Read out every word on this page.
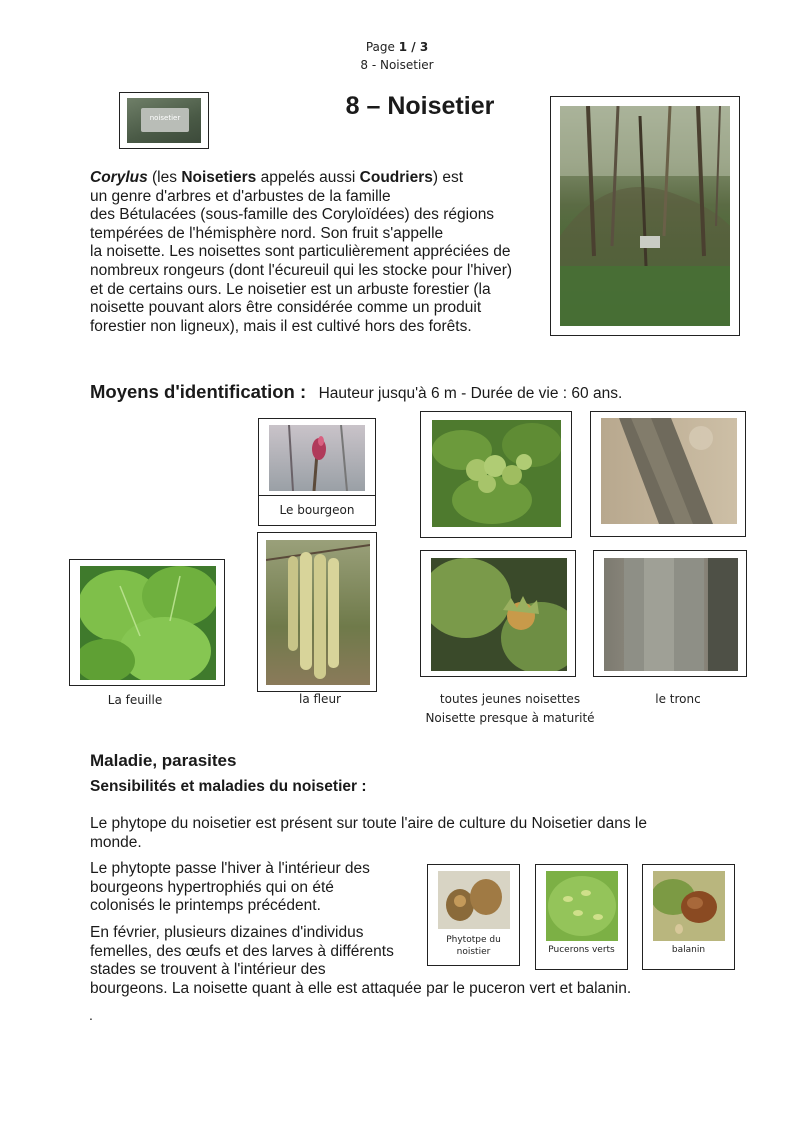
Page 1 / 3
8 - Noisetier
noisetier	8 – Noisetier
Corylus (les Noisetiers appelés aussi Coudriers) est
un genre d'arbres et d'arbustes de la famille
des Bétulacées (sous-famille des Coryloïdées) des régions
tempérées de l'hémisphère nord. Son fruit s'appelle
la noisette. Les noisettes sont particulièrement appréciées de
nombreux rongeurs (dont l'écureuil qui les stocke pour l'hiver)
et de certains ours. Le noisetier est un arbuste forestier (la
noisette pouvant alors être considérée comme un produit
forestier non ligneux), mais il est cultivé hors des forêts.
Moyens d'identification : Hauteur jusqu'à 6 m - Durée de vie : 60 ans.
Le bourgeon
La feuille	la fleur	toutes jeunes noisettes
Noisette presque à maturité
le tronc
Maladie, parasites
Sensibilités et maladies du noisetier :
Le phytope du noisetier est présent sur toute l'aire de culture du Noisetier dans le
monde.
Le phytopte passe l'hiver à l'intérieur des
bourgeons hypertrophiés qui on été
colonisés le printemps précédent.
En février, plusieurs dizaines d'individus
femelles, des œufs et des larves à différents
stades se trouvent à l'intérieur des
bourgeons. La noisette quant à elle est attaquée par le puceron vert et balanin.
Phytotpe du noistier	Pucerons verts	balanin
.
